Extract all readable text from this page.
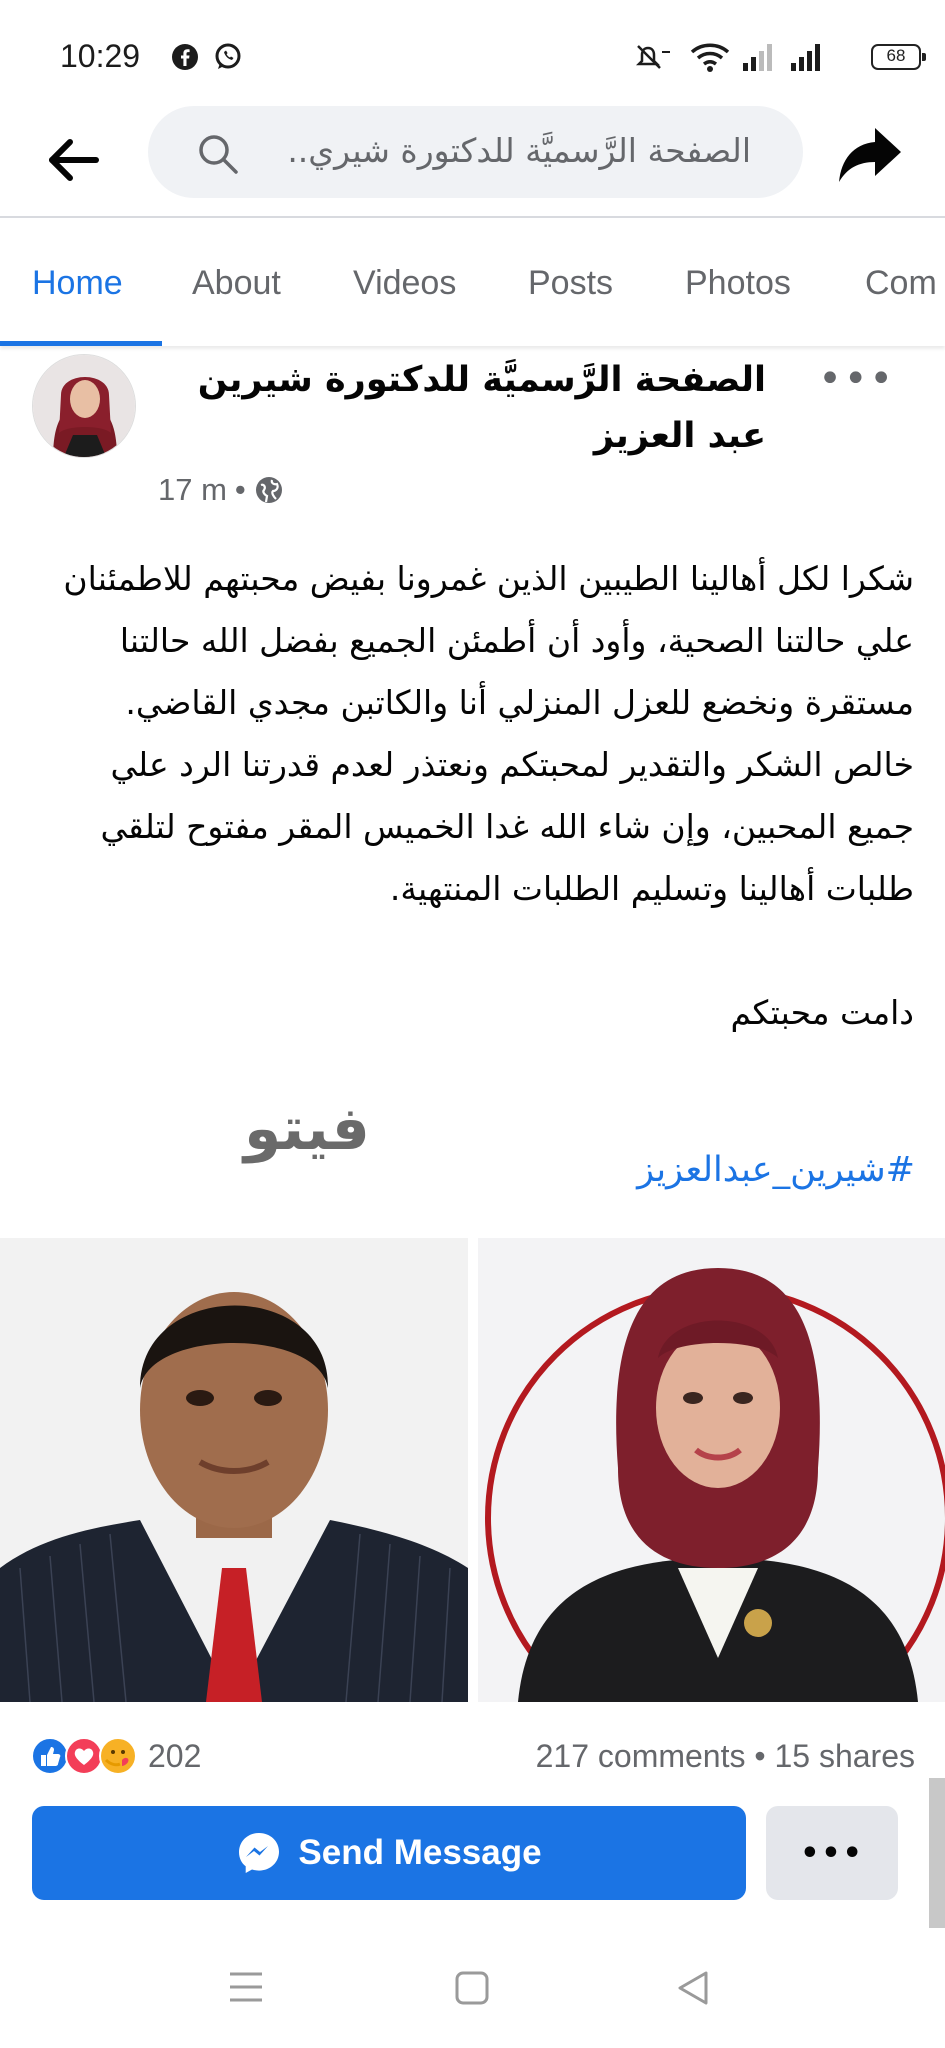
10:29	68
الصفحة الرَّسميَّة للدكتورة شيري..
Home About Videos Posts Photos Com
الصفحة الرَّسميَّة للدكتورة شيرين عبد العزيز
•••
17 m •

شكرا لكل أهالينا الطيبين الذين غمرونا بفيض محبتهم للاطمئنان علي حالتنا الصحية، وأود أن أطمئن الجميع بفضل الله حالتنا مستقرة ونخضع للعزل المنزلي أنا والكاتبن مجدي القاضي.

خالص الشكر والتقدير لمحبتكم ونعتذر لعدم قدرتنا الرد علي جميع المحبين، وإن شاء الله غدا الخميس المقر مفتوح لتلقي طلبات أهالينا وتسليم الطلبات المنتهية.

دامت محبتكم

فيتو
#شيرين_عبدالعزيز
202	217 comments • 15 shares
Send Message	•••
